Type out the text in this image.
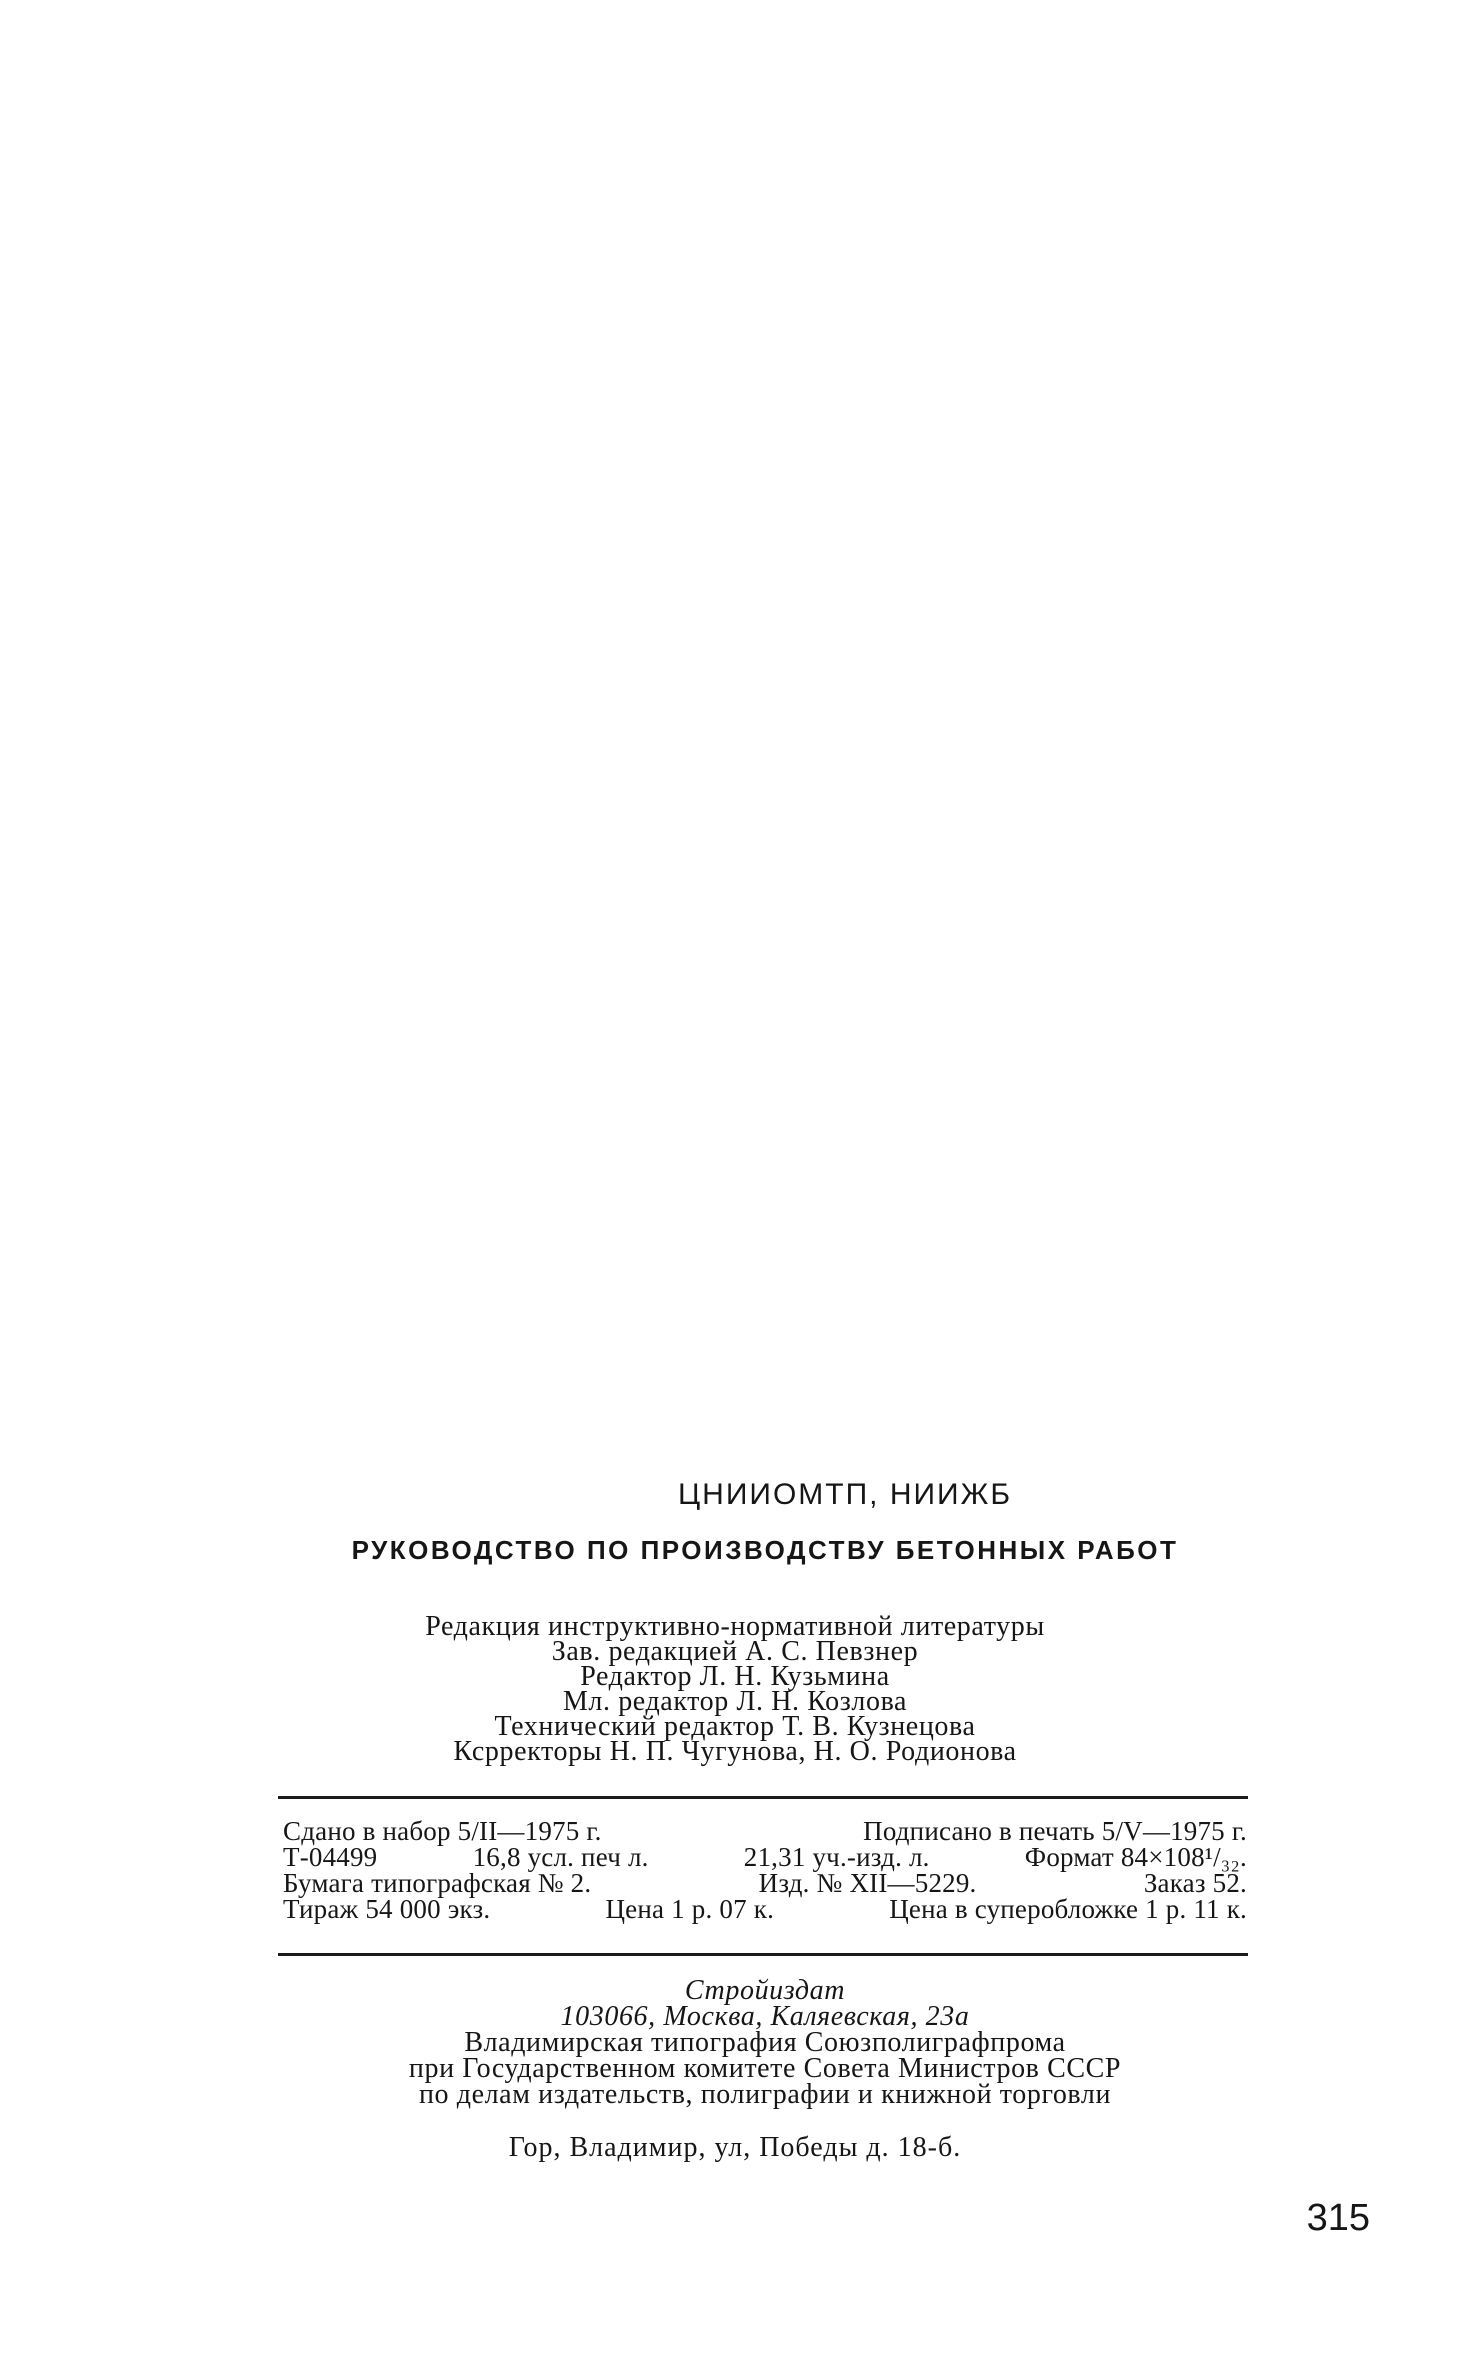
ЦНИИОМТП, НИИЖБ
РУКОВОДСТВО ПО ПРОИЗВОДСТВУ БЕТОННЫХ РАБОТ
Редакция инструктивно-нормативной литературы
Зав. редакцией А. С. Певзнер
Редактор Л. Н. Кузьмина
Мл. редактор Л. Н. Козлова
Технический редактор Т. В. Кузнецова
Ксрректоры Н. П. Чугунова, Н. О. Родионова
Сдано в набор 5/II—1975 г.	Подписано в печать 5/V—1975 г.
Т-04499	16,8 усл. печ л.	21,31 уч.-изд. л.	Формат 84×108¹/₃₂.
Бумага типографская № 2.	Изд. № XII—5229.	Заказ 52.
Тираж 54 000 экз.	Цена 1 р. 07 к.	Цена в суперобложке 1 р. 11 к.
Стройиздат
103066, Москва, Каляевская, 23а
Владимирская типография Союзполиграфпрома
при Государственном комитете Совета Министров СССР
по делам издательств, полиграфии и книжной торговли
Гор, Владимир, ул, Победы д. 18-б.
315
